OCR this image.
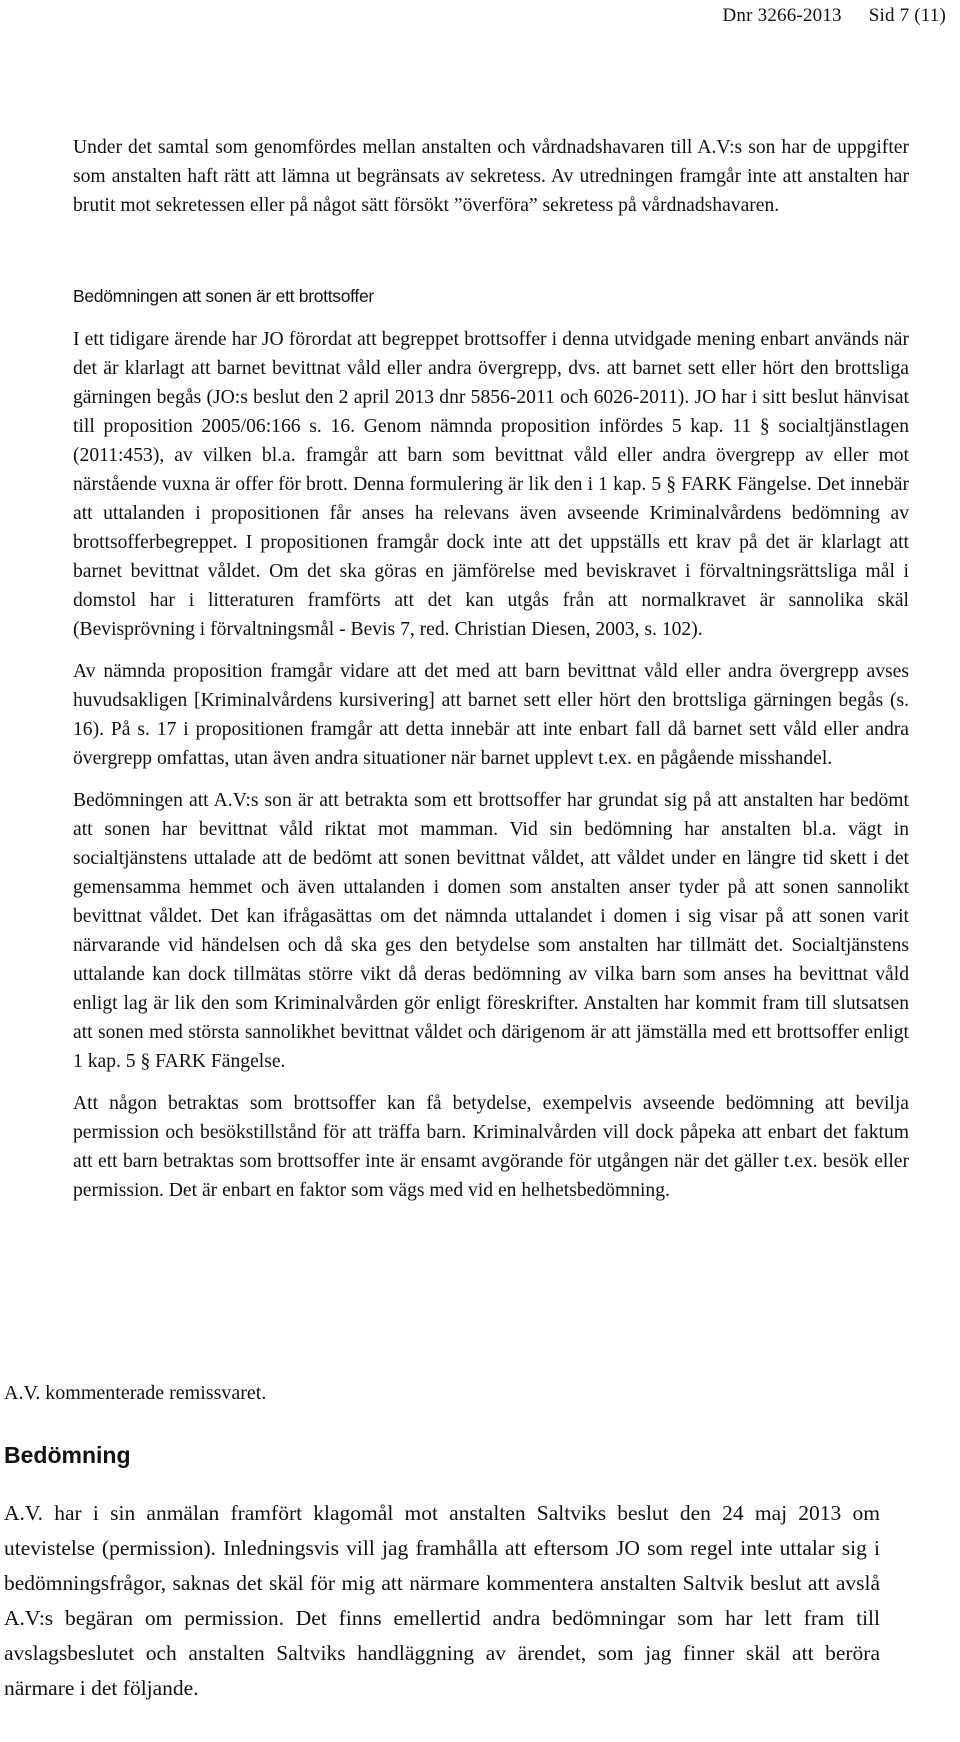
Dnr 3266-2013 Sid 7 (11)

Under det samtal som genomfördes mellan anstalten och vårdnadshavaren till A.V:s son har de uppgifter som anstalten haft rätt att lämna ut begränsats av sekretess. Av utredningen framgår inte att anstalten har brutit mot sekretessen eller på något sätt försökt ”överföra” sekretess på vårdnadshavaren.

Bedömningen att sonen är ett brottsoffer

I ett tidigare ärende har JO förordat att begreppet brottsoffer i denna utvidgade mening enbart används när det är klarlagt att barnet bevittnat våld eller andra övergrepp, dvs. att barnet sett eller hört den brottsliga gärningen begås (JO:s beslut den 2 april 2013 dnr 5856-2011 och 6026-2011). JO har i sitt beslut hänvisat till proposition 2005/06:166 s. 16. Genom nämnda proposition infördes 5 kap. 11 § socialtjänstlagen (2011:453), av vilken bl.a. framgår att barn som bevittnat våld eller andra övergrepp av eller mot närstående vuxna är offer för brott. Denna formulering är lik den i 1 kap. 5 § FARK Fängelse. Det innebär att uttalanden i propositionen får anses ha relevans även avseende Kriminalvårdens bedömning av brottsofferbegreppet. I propositionen framgår dock inte att det uppställs ett krav på det är klarlagt att barnet bevittnat våldet. Om det ska göras en jämförelse med beviskravet i förvaltningsrättsliga mål i domstol har i litteraturen framförts att det kan utgås från att normalkravet är sannolika skäl (Bevisprövning i förvaltningsmål - Bevis 7, red. Christian Diesen, 2003, s. 102).

Av nämnda proposition framgår vidare att det med att barn bevittnat våld eller andra övergrepp avses huvudsakligen [Kriminalvårdens kursivering] att barnet sett eller hört den brottsliga gärningen begås (s. 16). På s. 17 i propositionen framgår att detta innebär att inte enbart fall då barnet sett våld eller andra övergrepp omfattas, utan även andra situationer när barnet upplevt t.ex. en pågående misshandel.

Bedömningen att A.V:s son är att betrakta som ett brottsoffer har grundat sig på att anstalten har bedömt att sonen har bevittnat våld riktat mot mamman. Vid sin bedömning har anstalten bl.a. vägt in socialtjänstens uttalade att de bedömt att sonen bevittnat våldet, att våldet under en längre tid skett i det gemensamma hemmet och även uttalanden i domen som anstalten anser tyder på att sonen sannolikt bevittnat våldet. Det kan ifrågasättas om det nämnda uttalandet i domen i sig visar på att sonen varit närvarande vid händelsen och då ska ges den betydelse som anstalten har tillmätt det. Socialtjänstens uttalande kan dock tillmätas större vikt då deras bedömning av vilka barn som anses ha bevittnat våld enligt lag är lik den som Kriminalvården gör enligt föreskrifter. Anstalten har kommit fram till slutsatsen att sonen med största sannolikhet bevittnat våldet och därigenom är att jämställa med ett brottsoffer enligt 1 kap. 5 § FARK Fängelse.

Att någon betraktas som brottsoffer kan få betydelse, exempelvis avseende bedömning att bevilja permission och besökstillstånd för att träffa barn. Kriminalvården vill dock påpeka att enbart det faktum att ett barn betraktas som brottsoffer inte är ensamt avgörande för utgången när det gäller t.ex. besök eller permission. Det är enbart en faktor som vägs med vid en helhetsbedömning.

A.V. kommenterade remissvaret.
Bedömning

A.V. har i sin anmälan framfört klagomål mot anstalten Saltviks beslut den 24 maj 2013 om utevistelse (permission). Inledningsvis vill jag framhålla att eftersom JO som regel inte uttalar sig i bedömningsfrågor, saknas det skäl för mig att närmare kommentera anstalten Saltvik beslut att avslå A.V:s begäran om permission. Det finns emellertid andra bedömningar som har lett fram till avslagsbeslutet och anstalten Saltviks handläggning av ärendet, som jag finner skäl att beröra närmare i det följande.
